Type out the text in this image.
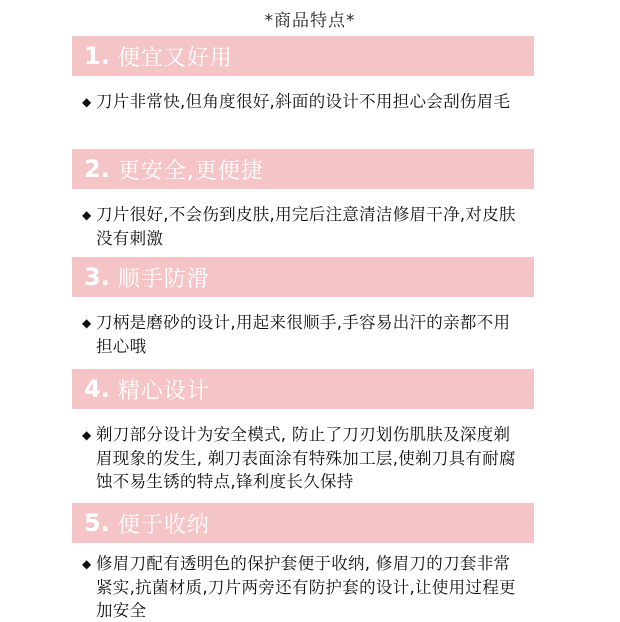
*商品特点*
1. 便宜又好用
◆ 刀片非常快,但角度很好,斜面的设计不用担心会刮伤眉毛
2. 更安全,更便捷
◆ 刀片很好,不会伤到皮肤,用完后注意清洁修眉干净,对皮肤没有刺激
3. 顺手防滑
◆ 刀柄是磨砂的设计,用起来很顺手,手容易出汗的亲都不用担心哦
4. 精心设计
◆ 剃刀部分设计为安全模式, 防止了刀刃划伤肌肤及深度剃眉现象的发生, 剃刀表面涂有特殊加工层,使剃刀具有耐腐蚀不易生锈的特点,锋利度长久保持
5. 便于收纳
◆ 修眉刀配有透明色的保护套便于收纳, 修眉刀的刀套非常紧实,抗菌材质,刀片两旁还有防护套的设计,让使用过程更加安全
